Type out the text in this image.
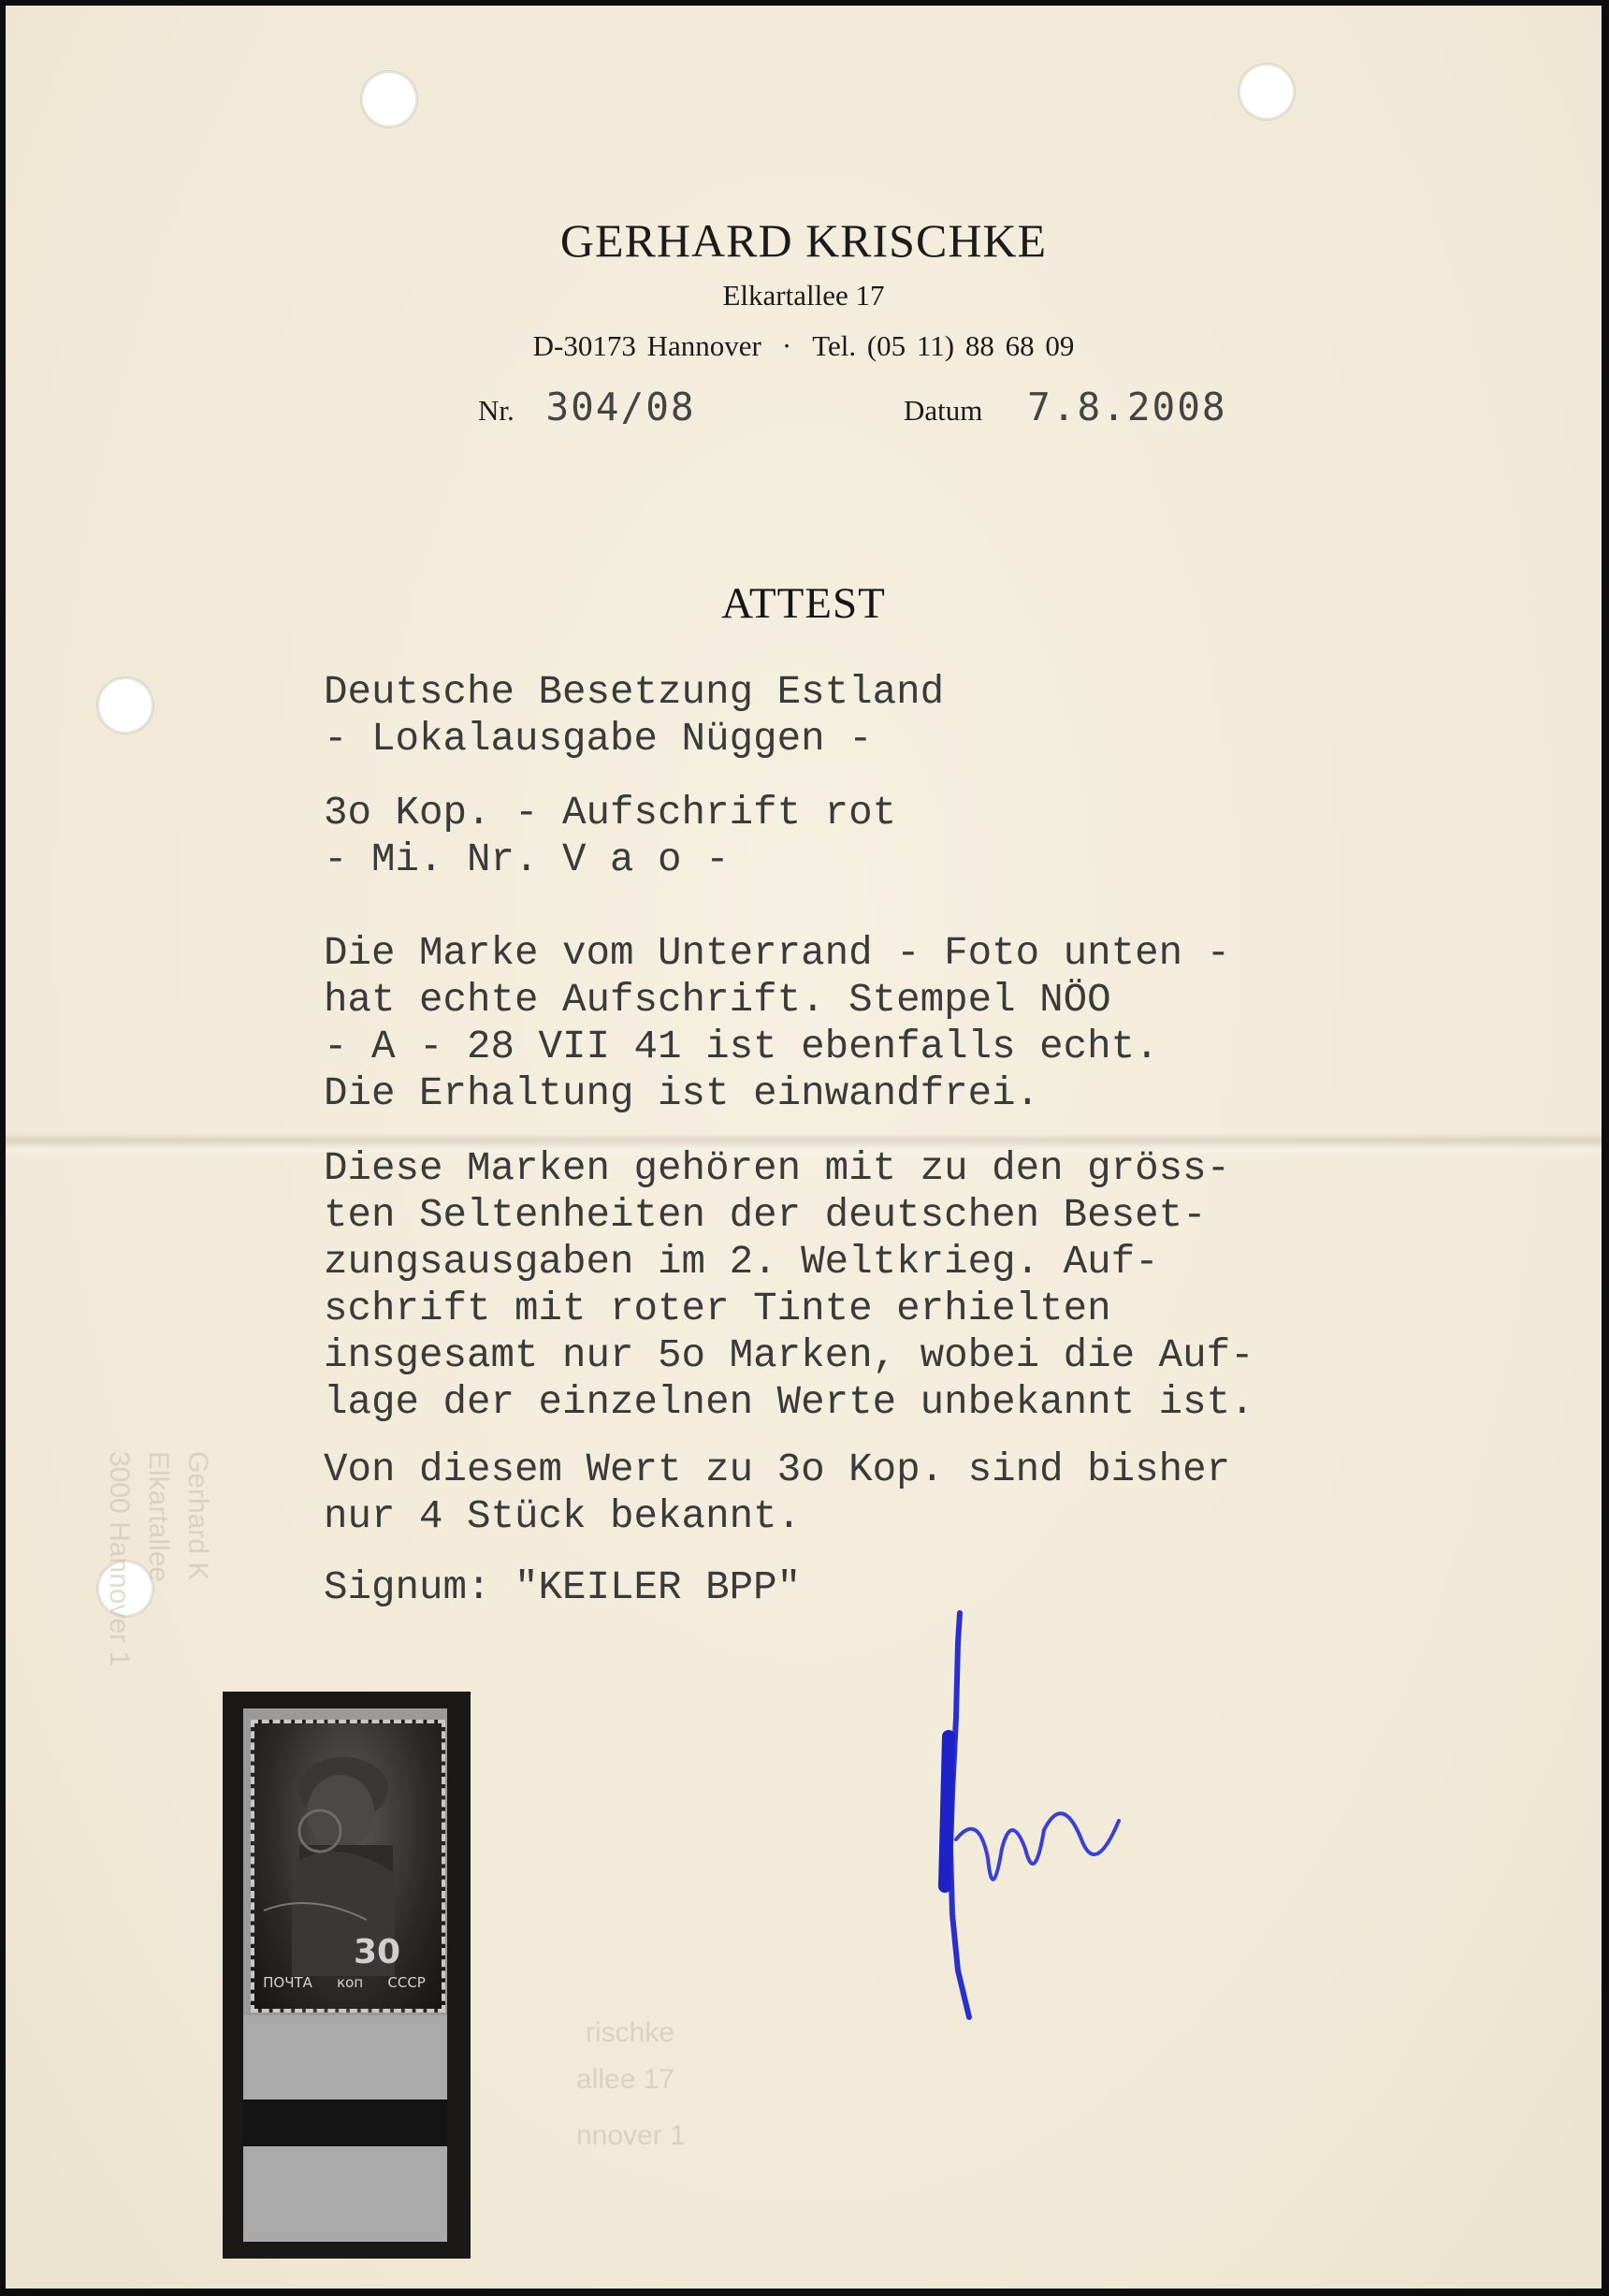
GERHARD KRISCHKE
Elkartallee 17
D-30173 Hannover · Tel. (05 11) 88 68 09
Nr. 304/08	Datum 7.8.2008
ATTEST
Deutsche Besetzung Estland
- Lokalausgabe Nüggen -
3o Kop. - Aufschrift rot
- Mi. Nr. V a o -
Die Marke vom Unterrand - Foto unten -
hat echte Aufschrift. Stempel NÖO
- A - 28 VII 41 ist ebenfalls echt.
Die Erhaltung ist einwandfrei.
Diese Marken gehören mit zu den gröss-
ten Seltenheiten der deutschen Beset-
zungsausgaben im 2. Weltkrieg. Auf-
schrift mit roter Tinte erhielten
insgesamt nur 5o Marken, wobei die Auf-
lage der einzelnen Werte unbekannt ist.
Von diesem Wert zu 3o Kop. sind bisher
nur 4 Stück bekannt.
Signum: "KEILER BPP"
Gerhard K
Elkartallee
3000 Hannover 1
rischke
allee 17
nnover 1
30
ПОЧТА коп СССР
